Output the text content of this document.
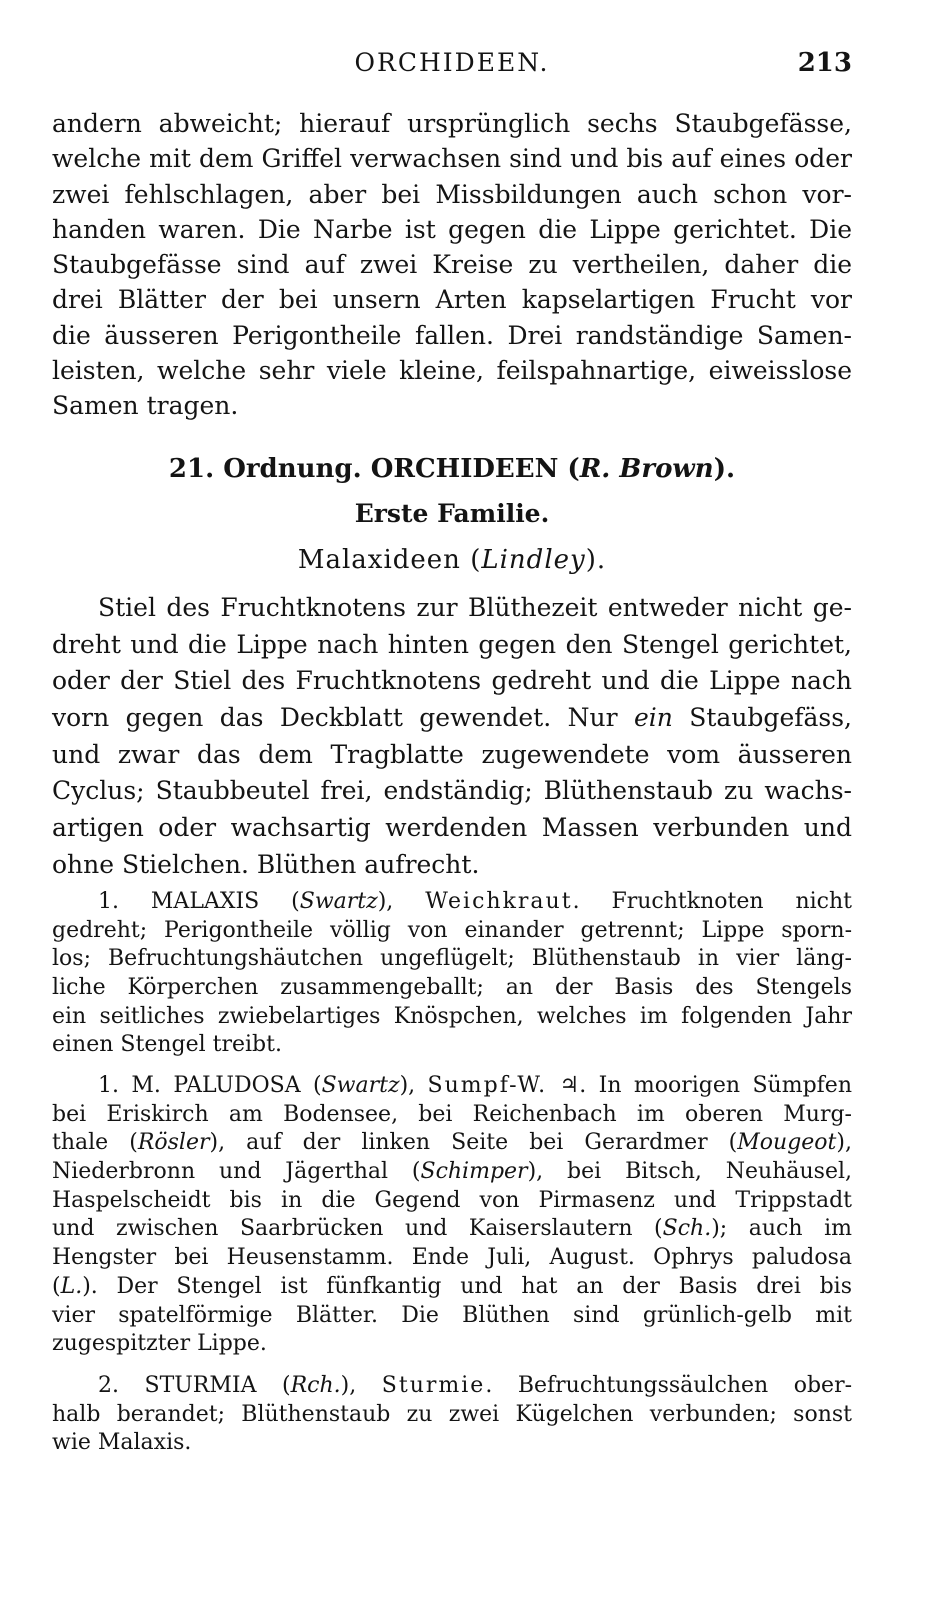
ORCHIDEEN.	213
andern abweicht; hierauf ursprünglich sechs Staubgefässe,
welche mit dem Griffel verwachsen sind und bis auf eines oder
zwei fehlschlagen, aber bei Missbildungen auch schon vor-
handen waren. Die Narbe ist gegen die Lippe gerichtet. Die
Staubgefässe sind auf zwei Kreise zu vertheilen, daher die
drei Blätter der bei unsern Arten kapselartigen Frucht vor
die äusseren Perigontheile fallen. Drei randständige Samen-
leisten, welche sehr viele kleine, feilspahnartige, eiweisslose
Samen tragen.
21. Ordnung. ORCHIDEEN (R. Brown).
Erste Familie.
Malaxideen (Lindley).
Stiel des Fruchtknotens zur Blüthezeit entweder nicht ge-
dreht und die Lippe nach hinten gegen den Stengel gerichtet,
oder der Stiel des Fruchtknotens gedreht und die Lippe nach
vorn gegen das Deckblatt gewendet. Nur ein Staubgefäss,
und zwar das dem Tragblatte zugewendete vom äusseren
Cyclus; Staubbeutel frei, endständig; Blüthenstaub zu wachs-
artigen oder wachsartig werdenden Massen verbunden und
ohne Stielchen. Blüthen aufrecht.
1. MALAXIS (Swartz), Weichkraut. Fruchtknoten nicht
gedreht; Perigontheile völlig von einander getrennt; Lippe sporn-
los; Befruchtungshäutchen ungeflügelt; Blüthenstaub in vier läng-
liche Körperchen zusammengeballt; an der Basis des Stengels
ein seitliches zwiebelartiges Knöspchen, welches im folgenden Jahr
einen Stengel treibt.
1. M. PALUDOSA (Swartz), Sumpf-W. ♃. In moorigen Sümpfen
bei Eriskirch am Bodensee, bei Reichenbach im oberen Murg-
thale (Rösler), auf der linken Seite bei Gerardmer (Mougeot),
Niederbronn und Jägerthal (Schimper), bei Bitsch, Neuhäusel,
Haspelscheidt bis in die Gegend von Pirmasenz und Trippstadt
und zwischen Saarbrücken und Kaiserslautern (Sch.); auch im
Hengster bei Heusenstamm. Ende Juli, August. Ophrys paludosa
(L.). Der Stengel ist fünfkantig und hat an der Basis drei bis
vier spatelförmige Blätter. Die Blüthen sind grünlich-gelb mit
zugespitzter Lippe.
2. STURMIA (Rch.), Sturmie. Befruchtungssäulchen ober-
halb berandet; Blüthenstaub zu zwei Kügelchen verbunden; sonst
wie Malaxis.
